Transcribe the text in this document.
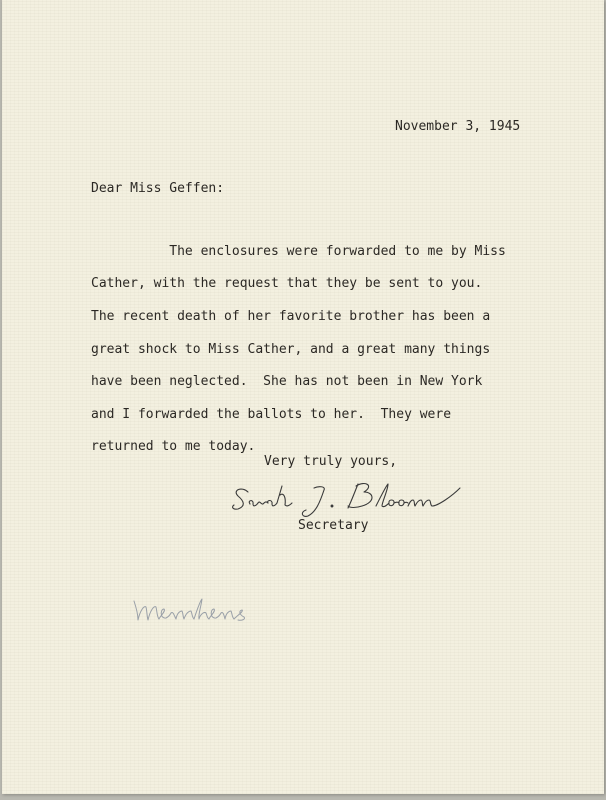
November 3, 1945
Dear Miss Geffen:
The enclosures were forwarded to me by Miss
Cather, with the request that they be sent to you.
The recent death of her favorite brother has been a
great shock to Miss Cather, and a great many things
have been neglected.  She has not been in New York
and I forwarded the ballots to her.  They were
returned to me today.
Very truly yours,
Secretary
